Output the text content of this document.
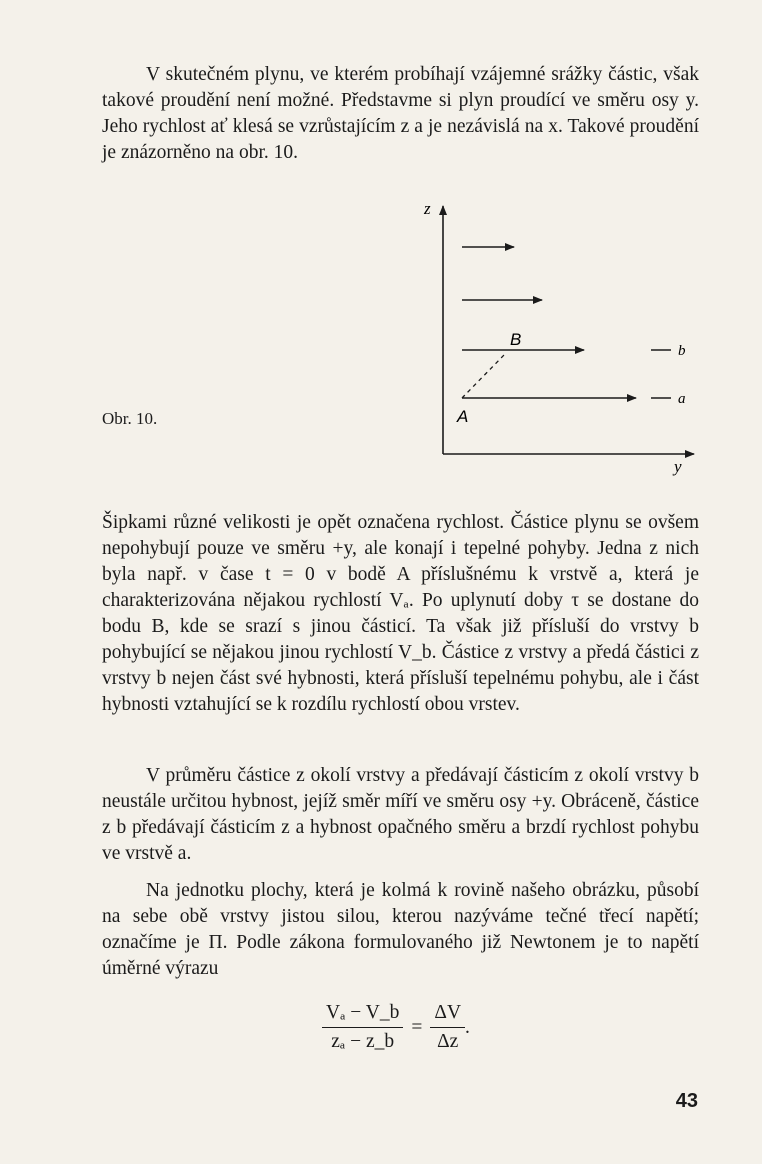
V skutečném plynu, ve kterém probíhají vzájemné srážky částic, však takové proudění není možné. Představme si plyn proudící ve směru osy y. Jeho rychlost ať klesá se vzrůstajícím z a je nezávislá na x. Takové proudění je znázorněno na obr. 10.

Obr. 10.
z
y
B
A
b
a

Šipkami různé velikosti je opět označena rychlost. Částice plynu se ovšem nepohybují pouze ve směru +y, ale konají i tepelné pohyby. Jedna z nich byla např. v čase t = 0 v bodě A příslušnému k vrstvě a, která je charakterizována nějakou rychlostí Vₐ. Po uplynutí doby τ se dostane do bodu B, kde se srazí s jinou částicí. Ta však již přísluší do vrstvy b pohybující se nějakou jinou rychlostí V_b. Částice z vrstvy a předá částici z vrstvy b nejen část své hybnosti, která přísluší tepelnému pohybu, ale i část hybnosti vztahující se k rozdílu rychlostí obou vrstev.

V průměru částice z okolí vrstvy a předávají částicím z okolí vrstvy b neustále určitou hybnost, jejíž směr míří ve směru osy +y. Obráceně, částice z b předávají částicím z a hybnost opačného směru a brzdí rychlost pohybu ve vrstvě a.

Na jednotku plochy, která je kolmá k rovině našeho obrázku, působí na sebe obě vrstvy jistou silou, kterou nazýváme tečné třecí napětí; označíme je Π. Podle zákona formulovaného již Newtonem je to napětí úměrné výrazu

$\frac{\text{Vₐ − V\_b}}{\text{zₐ − z\_b}} = \frac{\Delta V}{\Delta z}$ .
43
